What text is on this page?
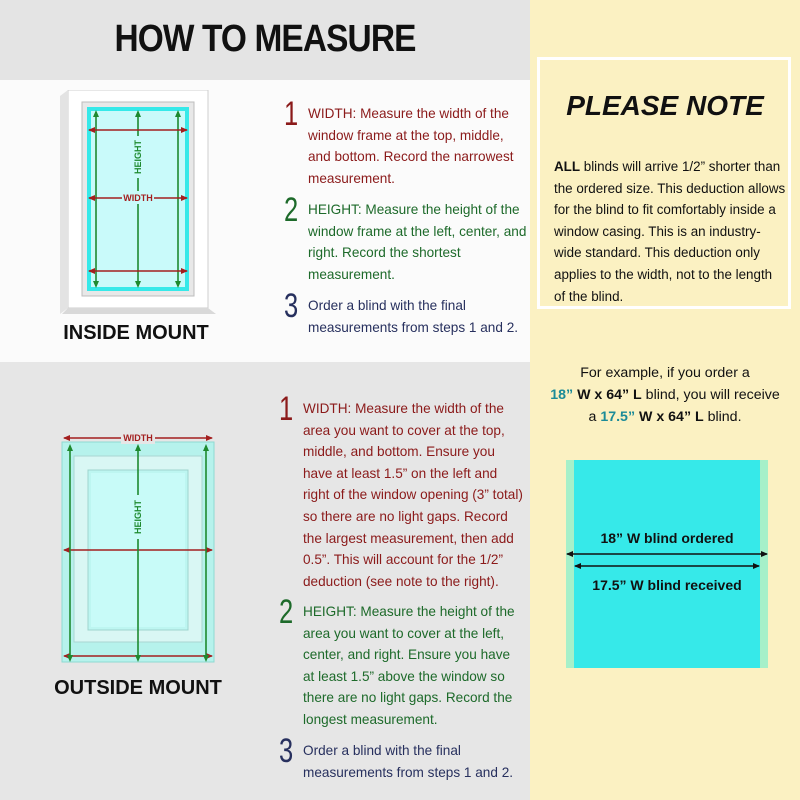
HOW TO MEASURE
WIDTH
HEIGHT
INSIDE MOUNT
1 WIDTH: Measure the width of the window frame at the top, middle, and bottom. Record the narrowest measurement.
2 HEIGHT: Measure the height of the window frame at the left, center, and right. Record the shortest measurement.
3 Order a blind with the final measurements from steps 1 and 2.
WIDTH
HEIGHT
OUTSIDE MOUNT
1 WIDTH: Measure the width of the area you want to cover at the top, middle, and bottom. Ensure you have at least 1.5” on the left and right of the window opening (3” total) so there are no light gaps. Record the largest measurement, then add 0.5”. This will account for the 1/2” deduction (see note to the right).
2 HEIGHT: Measure the height of the area you want to cover at the left, center, and right. Ensure you have at least 1.5” above the window so there are no light gaps. Record the longest measurement.
3 Order a blind with the final measurements from steps 1 and 2.
PLEASE NOTE
ALL blinds will arrive 1/2” shorter than the ordered size. This deduction allows for the blind to fit comfortably inside a window casing. This is an industry-wide standard. This deduction only applies to the width, not to the length of the blind.
For example, if you order a
18” W x 64” L blind, you will receive
a 17.5” W x 64” L blind.
18” W blind ordered
17.5” W blind received
